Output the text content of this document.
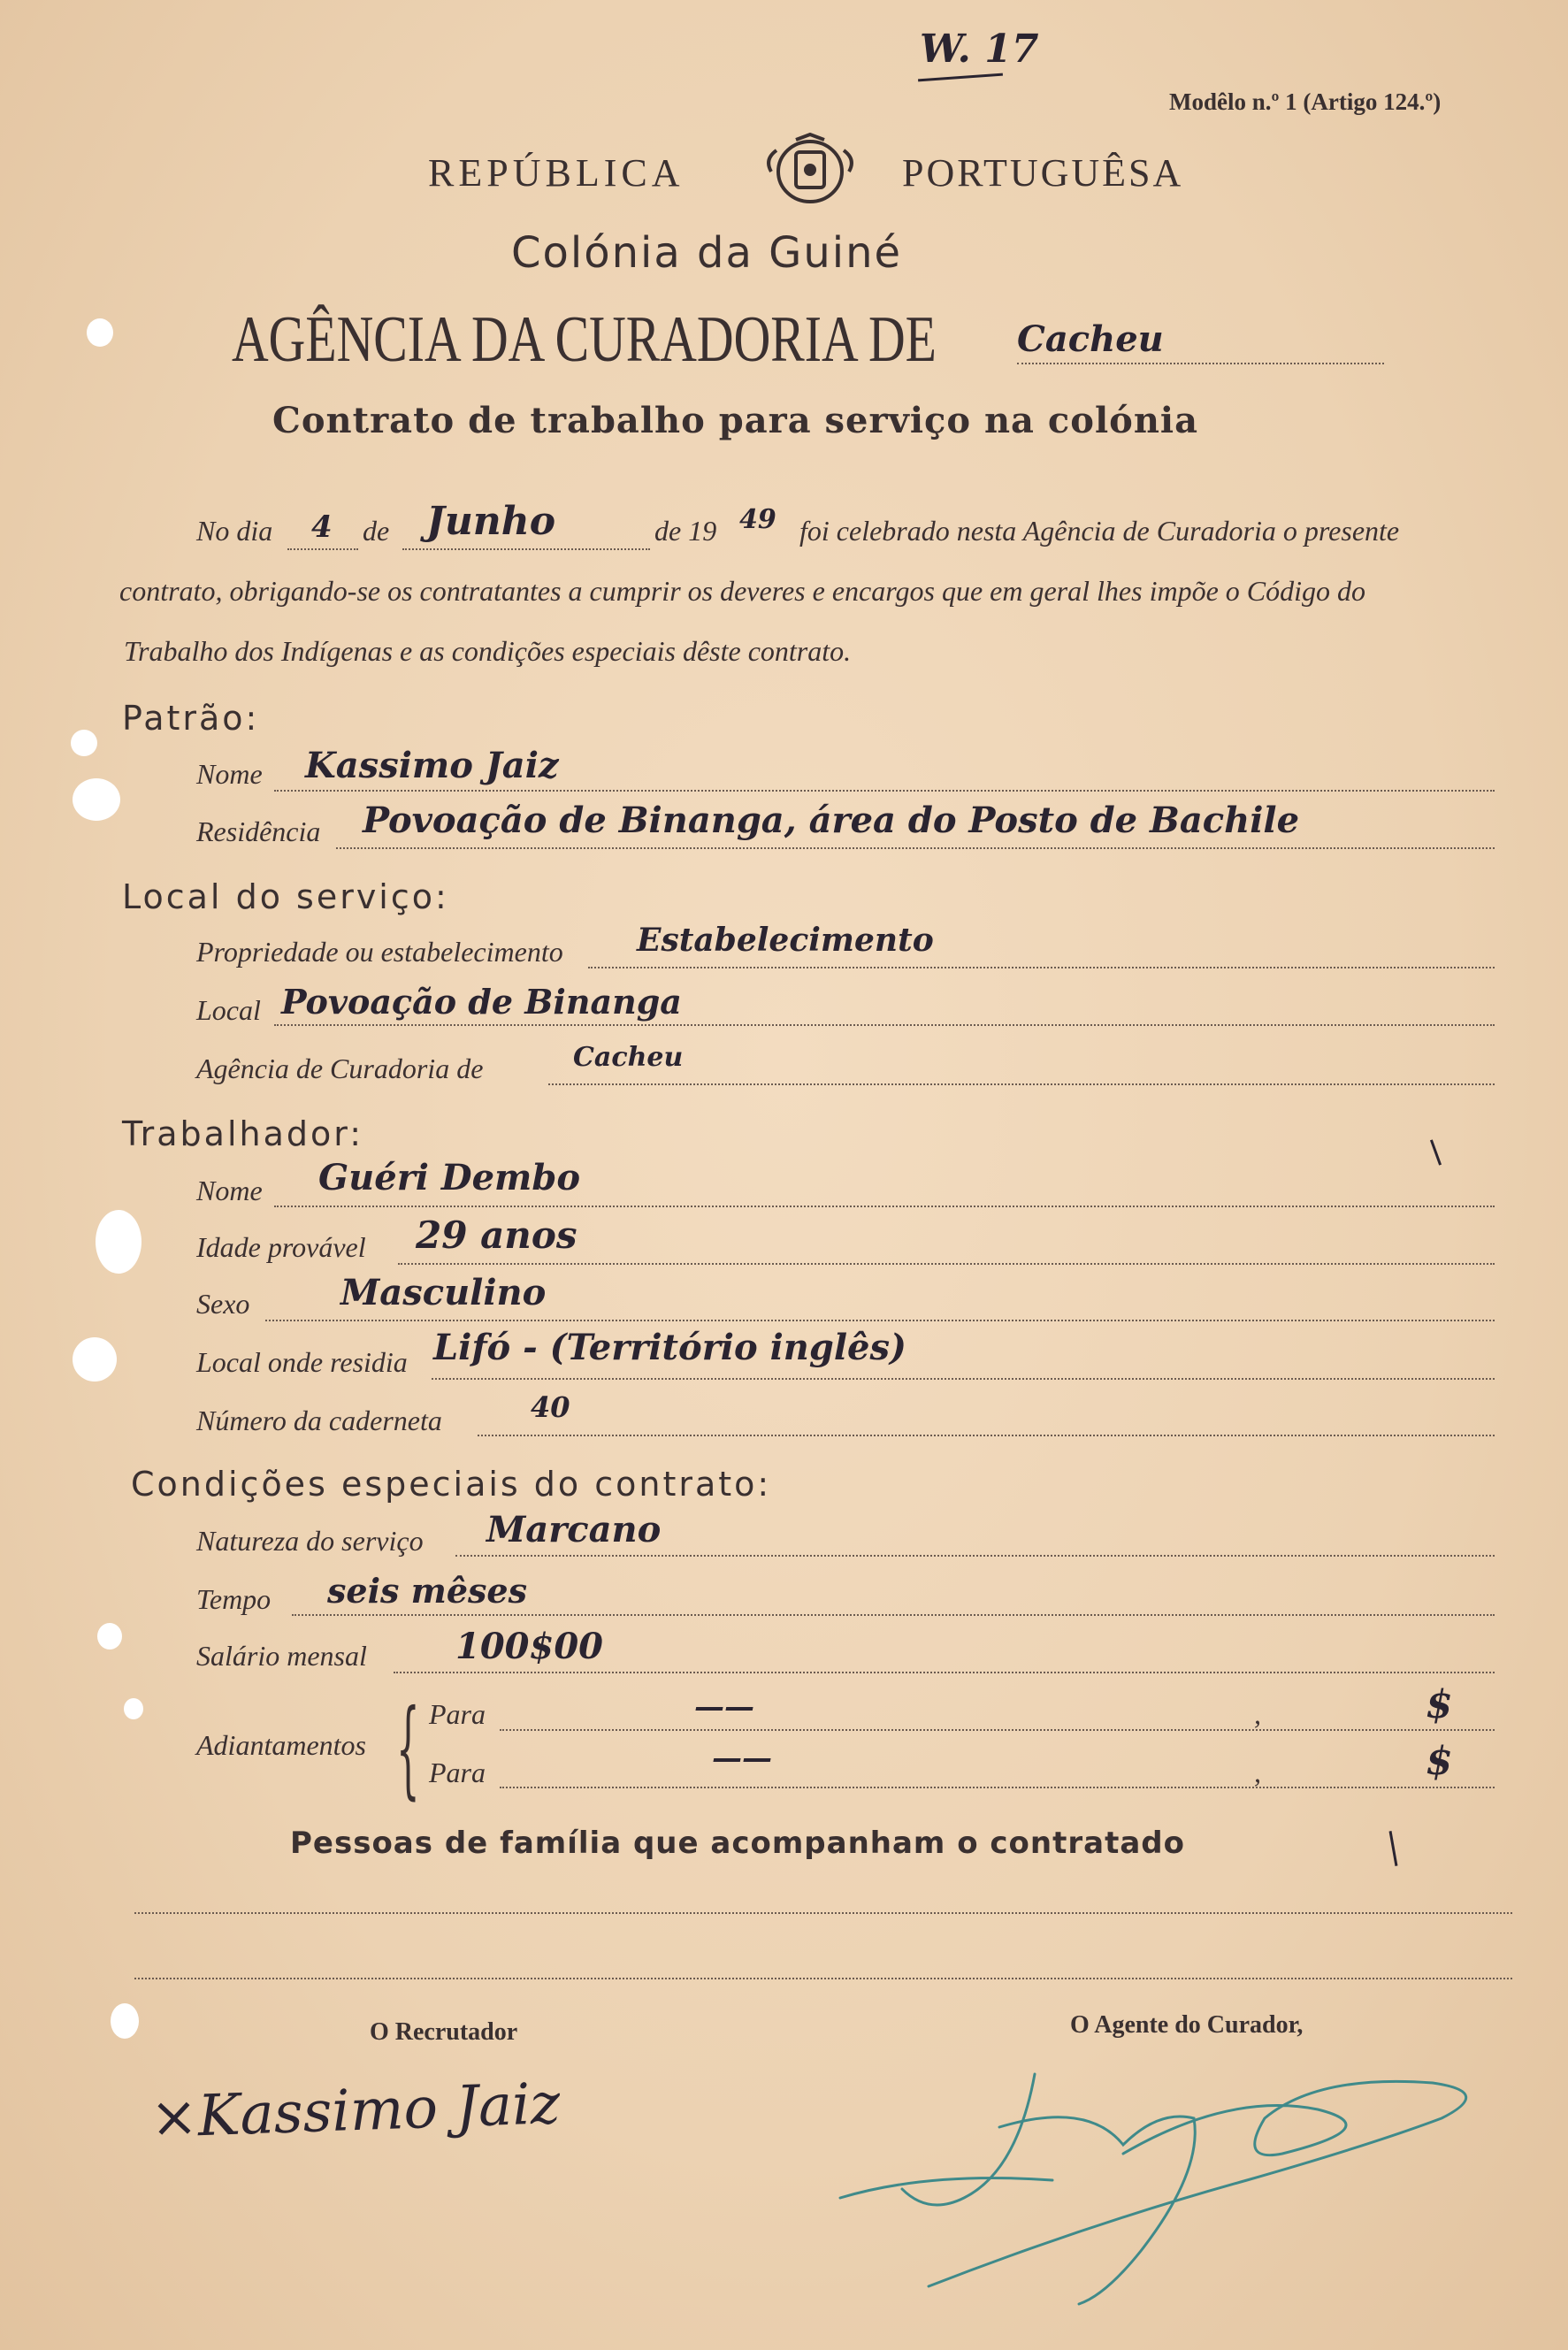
W. 17
Modêlo n.º 1 (Artigo 124.º)
REPÚBLICA	PORTUGUÊSA
Colónia da Guiné
AGÊNCIA DA CURADORIA DE Cacheu
Contrato de trabalho para serviço na colónia
No dia 4 de Junho	de 19 49 foi celebrado nesta Agência de Curadoria o presente
contrato, obrigando-se os contratantes a cumprir os deveres e encargos que em geral lhes impõe o Código do
Trabalho dos Indígenas e as condições especiais dêste contrato.
Patrão:
Nome Kassimo Jaiz
Residência Povoação de Binanga, área do Posto de Bachile
Local do serviço:
Propriedade ou estabelecimento Estabelecimento
Local Povoação de Binanga
Agência de Curadoria de	Cacheu
Trabalhador:
Nome Guéri Dembo
Idade provável 29 anos
Sexo	Masculino
Local onde residia Lifó - (Território inglês)
Número da caderneta	40
Condições especiais do contrato:
Natureza do serviço Marcano
Tempo seis mêses
Salário mensal	100$00
Adiantamentos { Para	——	,	$
Para	——	,	$
Pessoas de família que acompanham o contratado
O Recrutador
×Kassimo Jaiz
O Agente do Curador,
